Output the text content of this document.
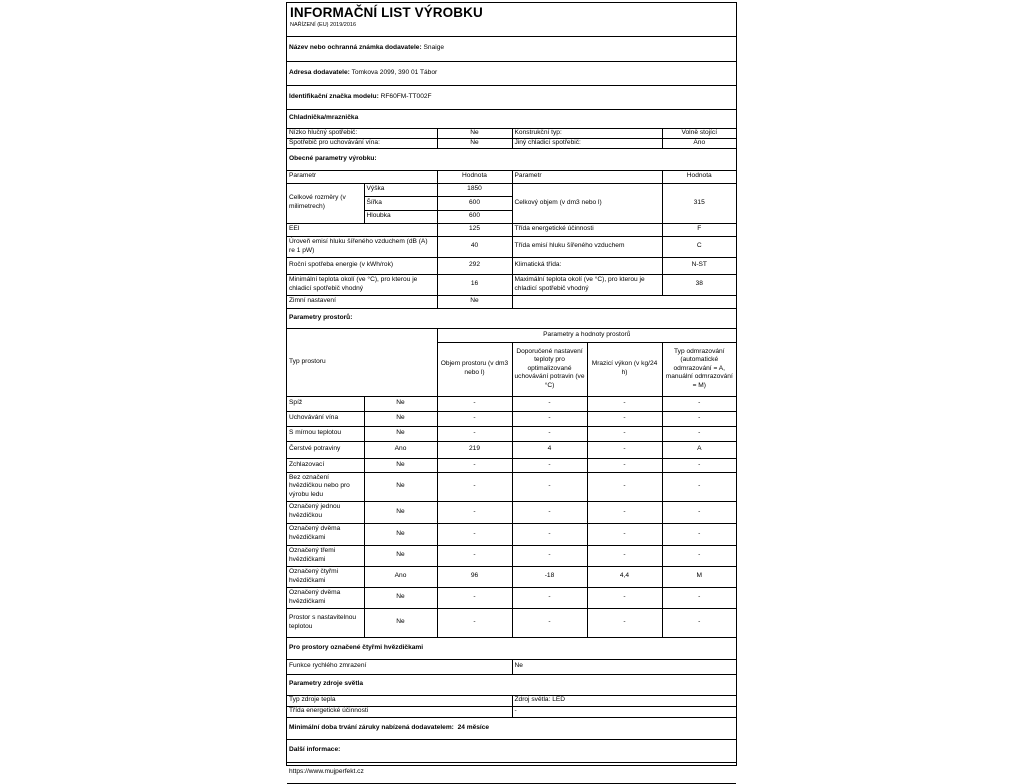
INFORMAČNÍ LIST VÝROBKU
NAŘÍZENÍ (EU) 2019/2016
Název nebo ochranná známka dodavatele: Snaige					
Adresa dodavatele: Tomkova 2099, 390 01 Tábor					
Identifikační značka modelu: RF60FM-TT002F					
Chladnička/mraznička					
Nízko hlučný spotřebič:		Ne	Konstrukční typ:		Volně stojící
Spotřebič pro uchovávání vína:		Ne	Jiný chladicí spotřebič:		Ano
Obecné parametry výrobku:					
Parametr		Hodnota	Parametr		Hodnota
Celkové rozměry (v milimetrech)	Výška	1850	Celkový objem (v dm3 nebo l)		315
	Šířka	600			
	Hloubka	600			
EEI		125	Třída energetické účinnosti		F
Úroveň emisí hluku šířeného vzduchem (dB (A) re 1 pW)		40	Třída emisí hluku šířeného vzduchem		C
Roční spotřeba energie (v kWh/rok)		292	Klimatická třída:		N-ST
Minimální teplota okolí (ve °C), pro kterou je chladicí spotřebič vhodný		16	Maximální teplota okolí (ve °C), pro kterou je chladicí spotřebič vhodný		38
Zimní nastavení		Ne			
Parametry prostorů:					
Typ prostoru		Parametry a hodnoty prostorů			
		Objem prostoru (v dm3 nebo l)	Doporučené nastavení teploty pro optimalizované uchovávání potravin (ve °C)	Mrazicí výkon (v kg/24 h)	Typ odmrazování (automatické odmrazování = A, manuální odmrazování = M)
Spíž	Ne	-	-	-	-
Uchovávání vína	Ne	-	-	-	-
S mírnou teplotou	Ne	-	-	-	-
Čerstvé potraviny	Ano	219	4	-	A
Zchlazovací	Ne	-	-	-	-
Bez označení hvězdičkou nebo pro výrobu ledu	Ne	-	-	-	-
Označený jednou hvězdičkou	Ne	-	-	-	-
Označený dvěma hvězdičkami	Ne	-	-	-	-
Označený třemi hvězdičkami	Ne	-	-	-	-
Označený čtyřmi hvězdičkami	Ano	96	-18	4,4	M
Označený dvěma hvězdičkami	Ne	-	-	-	-
Prostor s nastavitelnou teplotou	Ne	-	-	-	-
Pro prostory označené čtyřmi hvězdičkami					
Funkce rychlého zmrazení			Ne		
Parametry zdroje světla					
Typ zdroje tepla			Zdroj světla: LED		
Třída energetické účinnosti			-		
Minimální doba trvání záruky nabízená dodavatelem: 24 měsíce					
Další informace:					
https://www.mujperfekt.cz					
